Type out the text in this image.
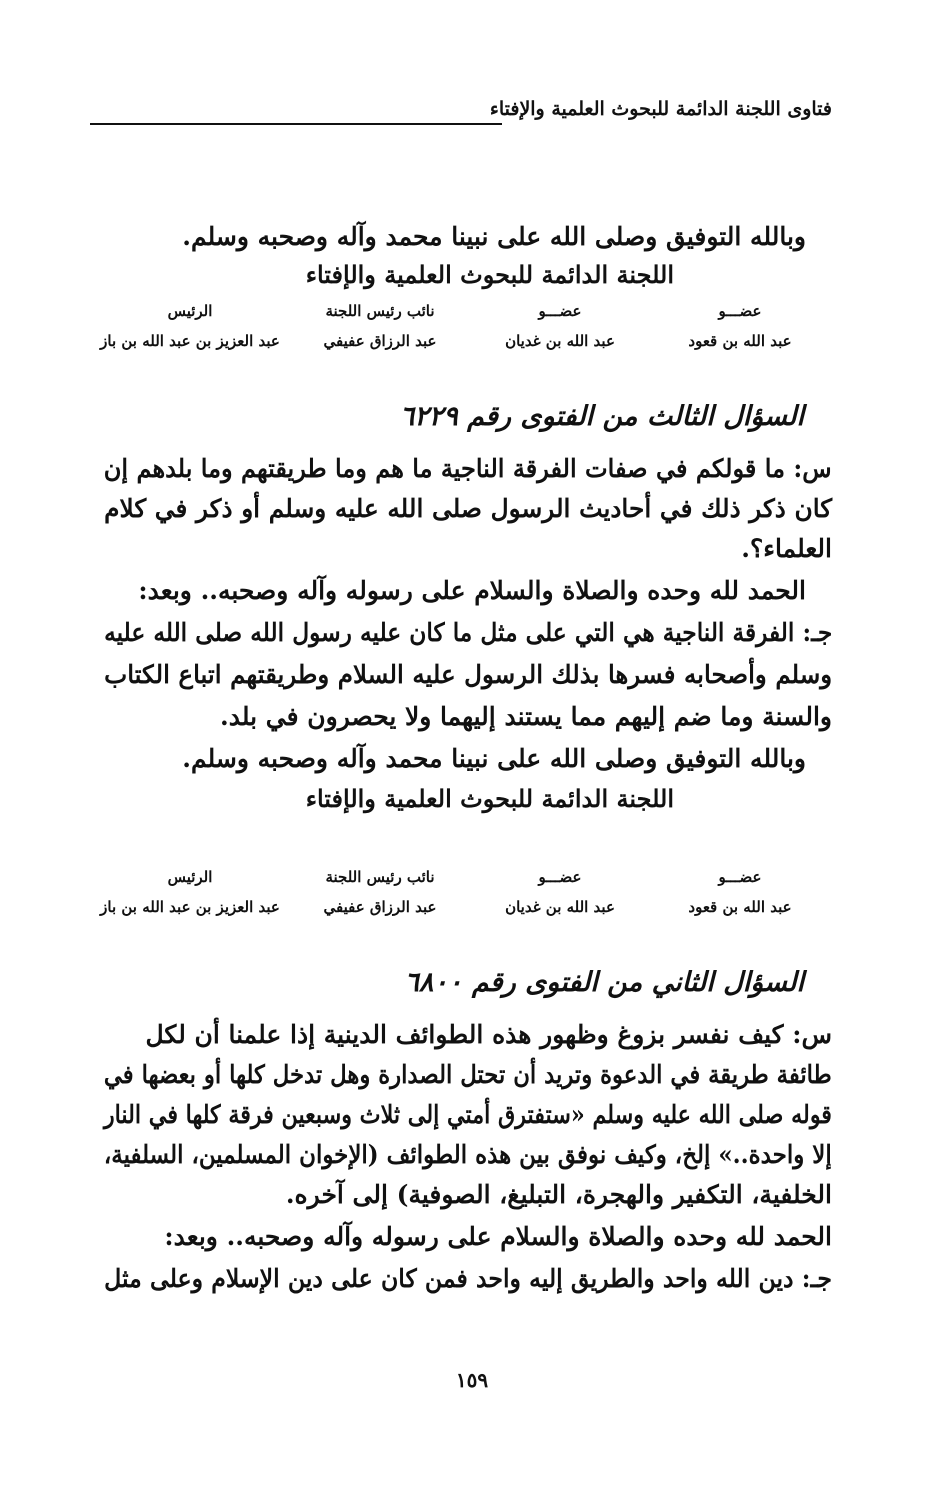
فتاوى اللجنة الدائمة للبحوث العلمية والإفتاء
وبالله التوفيق وصلى الله على نبينا محمد وآله وصحبه وسلم.
اللجنة الدائمة للبحوث العلمية والإفتاء
عضـــو
عبد الله بن قعود
عضـــو
عبد الله بن غديان
نائب رئيس اللجنة
عبد الرزاق عفيفي
الرئيس
عبد العزيز بن عبد الله بن باز
السؤال الثالث من الفتوى رقم ٦٢٢٩
س: ما قولكم في صفات الفرقة الناجية ما هم وما طريقتهم وما بلدهم إن
كان ذكر ذلك في أحاديث الرسول صلى الله عليه وسلم أو ذكر في كلام
العلماء؟.
الحمد لله وحده والصلاة والسلام على رسوله وآله وصحبه.. وبعد:
جـ: الفرقة الناجية هي التي على مثل ما كان عليه رسول الله صلى الله عليه
وسلم وأصحابه فسرها بذلك الرسول عليه السلام وطريقتهم اتباع الكتاب
والسنة وما ضم إليهم مما يستند إليهما ولا يحصرون في بلد.
وبالله التوفيق وصلى الله على نبينا محمد وآله وصحبه وسلم.
اللجنة الدائمة للبحوث العلمية والإفتاء
عضـــو
عبد الله بن قعود
عضـــو
عبد الله بن غديان
نائب رئيس اللجنة
عبد الرزاق عفيفي
الرئيس
عبد العزيز بن عبد الله بن باز
السؤال الثاني من الفتوى رقم ٦٨٠٠
س: كيف نفسر بزوغ وظهور هذه الطوائف الدينية إذا علمنا أن لكل
طائفة طريقة في الدعوة وتريد أن تحتل الصدارة وهل تدخل كلها أو بعضها في
قوله صلى الله عليه وسلم «ستفترق أمتي إلى ثلاث وسبعين فرقة كلها في النار
إلا واحدة..» إلخ، وكيف نوفق بين هذه الطوائف (الإخوان المسلمين، السلفية،
الخلفية، التكفير والهجرة، التبليغ، الصوفية) إلى آخره.
الحمد لله وحده والصلاة والسلام على رسوله وآله وصحبه.. وبعد:
جـ: دين الله واحد والطريق إليه واحد فمن كان على دين الإسلام وعلى مثل
١٥٩
